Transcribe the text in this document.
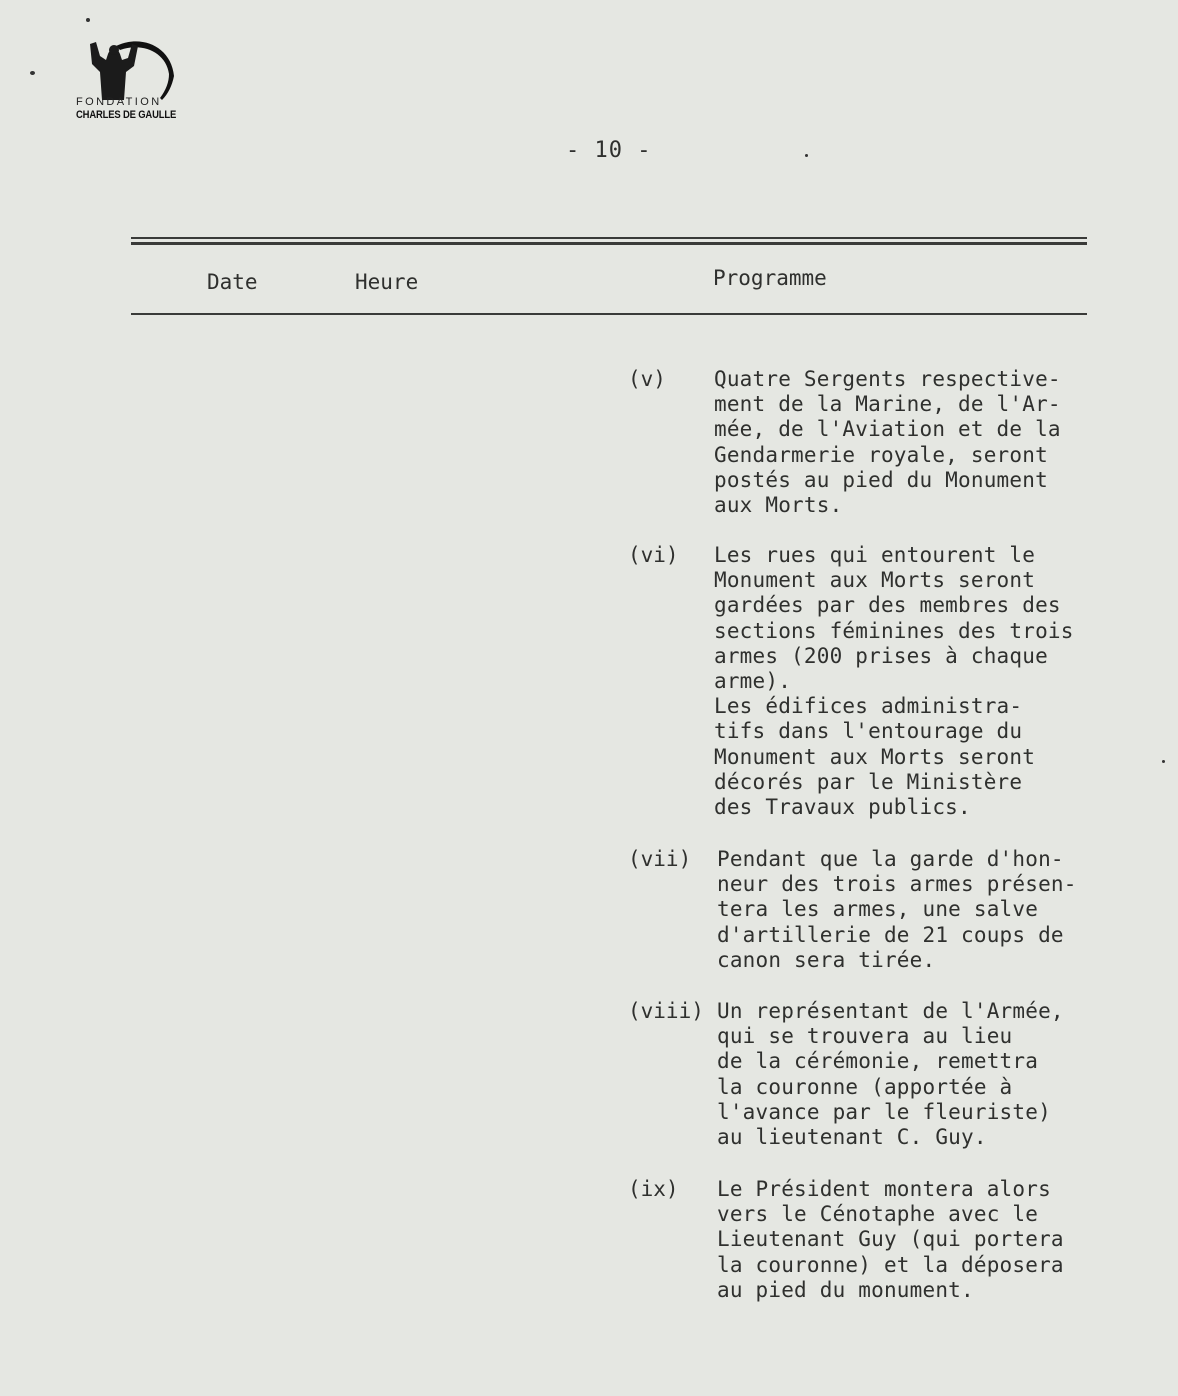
FONDATION
CHARLES DE GAULLE
- 10 -
Date	Heure	Programme
(v) Quatre Sergents respective-
ment de la Marine, de l'Ar-
mée, de l'Aviation et de la
Gendarmerie royale, seront
postés au pied du Monument
aux Morts.
(vi) Les rues qui entourent le
Monument aux Morts seront
gardées par des membres des
sections féminines des trois
armes (200 prises à chaque
arme).
Les édifices administra-
tifs dans l'entourage du
Monument aux Morts seront
décorés par le Ministère
des Travaux publics.
(vii) Pendant que la garde d'hon-
neur des trois armes présen-
tera les armes, une salve
d'artillerie de 21 coups de
canon sera tirée.
(viii) Un représentant de l'Armée,
qui se trouvera au lieu
de la cérémonie, remettra
la couronne (apportée à
l'avance par le fleuriste)
au lieutenant C. Guy.
(ix) Le Président montera alors
vers le Cénotaphe avec le
Lieutenant Guy (qui portera
la couronne) et la déposera
au pied du monument.
